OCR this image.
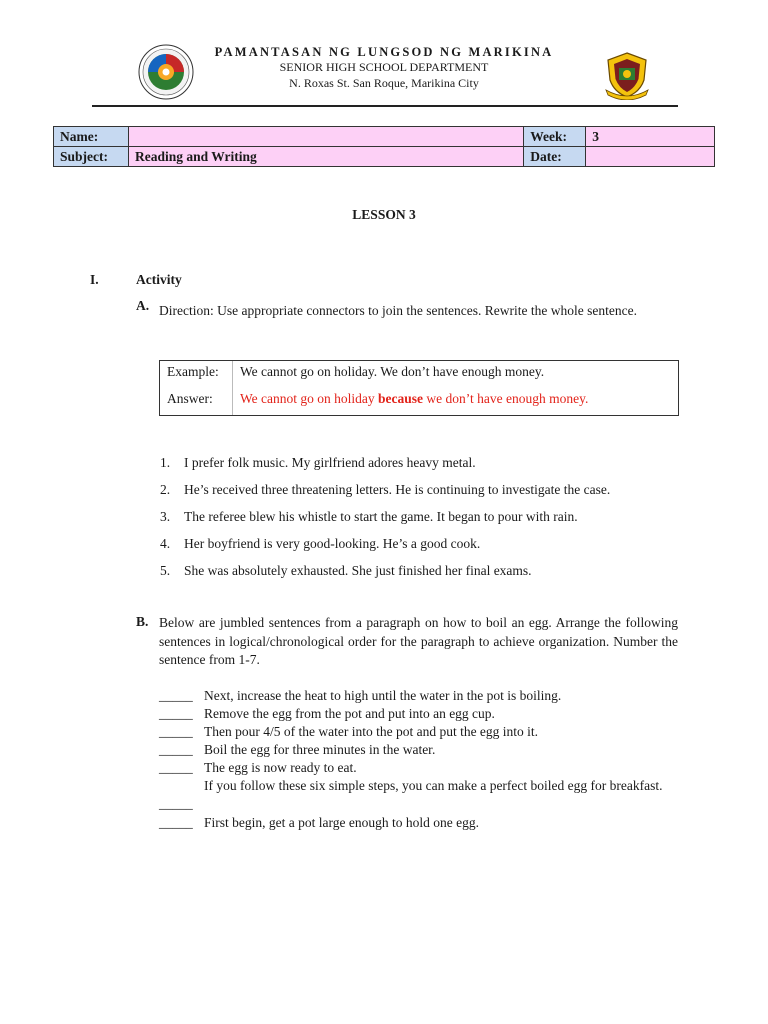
PAMANTASAN NG LUNGSOD NG MARIKINA
SENIOR HIGH SCHOOL DEPARTMENT
N. Roxas St. San Roque, Marikina City
Name:		Week:	3
Subject:	Reading and Writing	Date:	
LESSON 3
I.	Activity
A. Direction: Use appropriate connectors to join the sentences. Rewrite the whole sentence.
Example: We cannot go on holiday. We don’t have enough money.
Answer: We cannot go on holiday because we don’t have enough money.
1. I prefer folk music. My girlfriend adores heavy metal.
2. He’s received three threatening letters. He is continuing to investigate the case.
3. The referee blew his whistle to start the game. It began to pour with rain.
4. Her boyfriend is very good-looking. He’s a good cook.
5. She was absolutely exhausted. She just finished her final exams.
B. Below are jumbled sentences from a paragraph on how to boil an egg. Arrange the following sentences in logical/chronological order for the paragraph to achieve organization. Number the sentence from 1-7.
_____ Next, increase the heat to high until the water in the pot is boiling.
_____ Remove the egg from the pot and put into an egg cup.
_____ Then pour 4/5 of the water into the pot and put the egg into it.
_____ Boil the egg for three minutes in the water.
_____ The egg is now ready to eat.
_____
If you follow these six simple steps, you can make a perfect boiled egg for breakfast.
_____ First begin, get a pot large enough to hold one egg.
